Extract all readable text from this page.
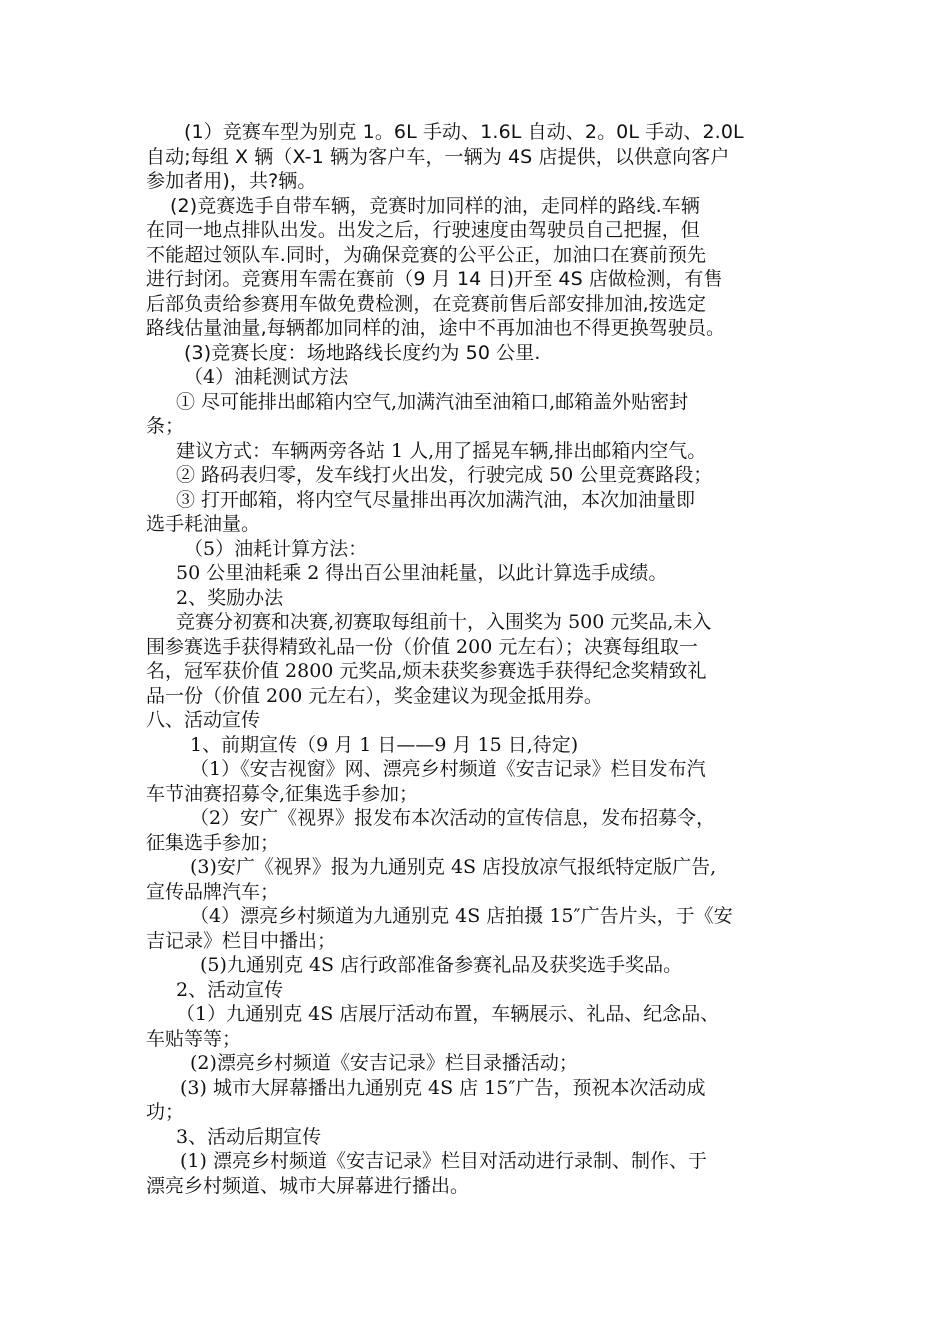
(1）竞赛车型为别克 1。6L 手动、1.6L 自动、2。0L 手动、2.0L
自动;每组 X 辆（X-1 辆为客户车，一辆为 4S 店提供，以供意向客户
参加者用)，共?辆。
(2)竞赛选手自带车辆，竞赛时加同样的油，走同样的路线.车辆
在同一地点排队出发。出发之后，行驶速度由驾驶员自己把握，但
不能超过领队车.同时，为确保竞赛的公平公正，加油口在赛前预先
进行封闭。竞赛用车需在赛前（9 月 14 日)开至 4S 店做检测，有售
后部负责给参赛用车做免费检测，在竞赛前售后部安排加油,按选定
路线估量油量,每辆都加同样的油，途中不再加油也不得更换驾驶员。
(3)竞赛长度：场地路线长度约为 50 公里.
（4）油耗测试方法
① 尽可能排出邮箱内空气,加满汽油至油箱口,邮箱盖外贴密封
条；
建议方式：车辆两旁各站 1 人,用了摇晃车辆,排出邮箱内空气。
② 路码表归零，发车线打火出发，行驶完成 50 公里竞赛路段；
③ 打开邮箱，将内空气尽量排出再次加满汽油，本次加油量即
选手耗油量。
（5）油耗计算方法：
50 公里油耗乘 2 得出百公里油耗量，以此计算选手成绩。
2、奖励办法
竞赛分初赛和决赛,初赛取每组前十，入围奖为 500 元奖品,未入
围参赛选手获得精致礼品一份（价值 200 元左右）；决赛每组取一
名，冠军获价值 2800 元奖品,烦未获奖参赛选手获得纪念奖精致礼
品一份（价值 200 元左右），奖金建议为现金抵用券。
八、活动宣传
1、前期宣传（9 月 1 日——9 月 15 日,待定)
（1）《安吉视窗》网、漂亮乡村频道《安吉记录》栏目发布汽
车节油赛招募令,征集选手参加；
（2）安广《视界》报发布本次活动的宣传信息，发布招募令，
征集选手参加；
(3)安广《视界》报为九通别克 4S 店投放凉气报纸特定版广告,
宣传品牌汽车；
（4）漂亮乡村频道为九通别克 4S 店拍摄 15″广告片头，于《安
吉记录》栏目中播出；
(5)九通别克 4S 店行政部准备参赛礼品及获奖选手奖品。
2、活动宣传
（1）九通别克 4S 店展厅活动布置，车辆展示、礼品、纪念品、
车贴等等；
(2)漂亮乡村频道《安吉记录》栏目录播活动；
(3) 城市大屏幕播出九通别克 4S 店 15″广告，预祝本次活动成
功；
3、活动后期宣传
(1) 漂亮乡村频道《安吉记录》栏目对活动进行录制、制作、于
漂亮乡村频道、城市大屏幕进行播出。
